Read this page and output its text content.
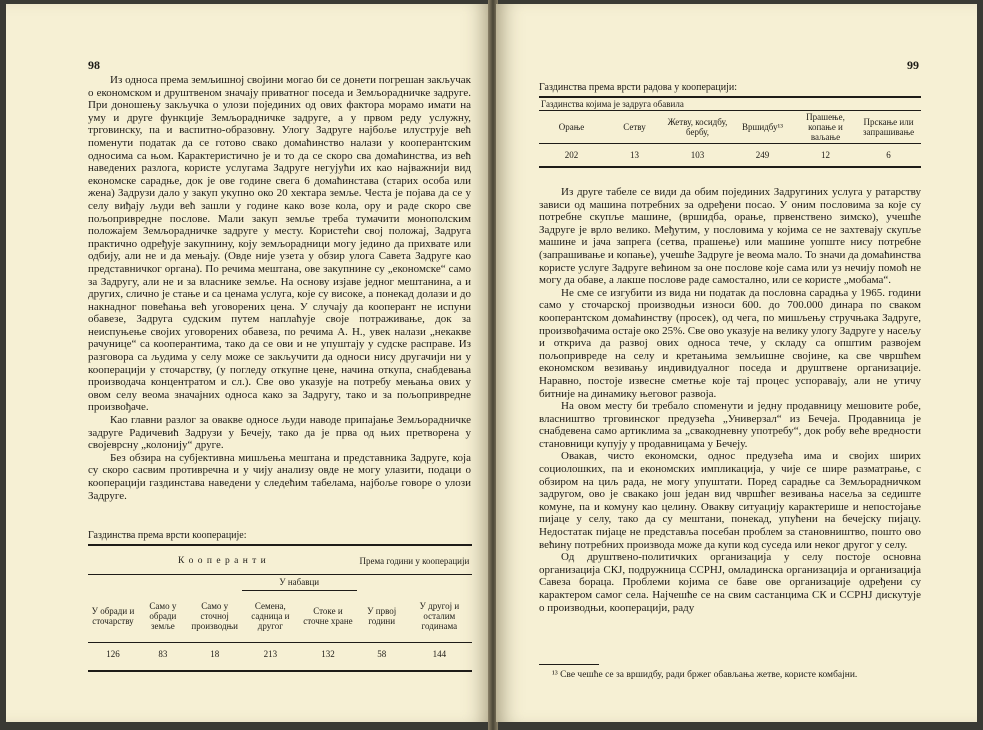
98

Из односа према земљишној својини могао би се донети погрешан закључак о економском и друштвеном значају приватног поседа и Земљорадничке задруге. При доношењу закључка о улози појединих од ових фактора морамо имати на уму и друге функције Земљорадничке задруге, а у првом реду услужну, трговинску, па и васпитно-образовну. Улогу Задруге најбоље илуструје већ поменути податак да се готово свако домаћинство налази у кооперантским односима са њом. Карактеристично је и то да се скоро сва домаћинства, из већ наведених разлога, користе услугама Задруге негујући их као најважнији вид економске сарадње, док је ове године свега 6 домаћинстава (старих особа или жена) Задрузи дало у закуп укупно око 20 хектара земље. Честа је појава да се у селу виђају људи већ зашли у године како возе кола, ору и раде скоро све пољопривредне послове. Мали закуп земље треба тумачити монополским положајем Земљорадничке задруге у месту. Користећи свој положај, Задруга практично одређује закупнину, коју земљорадници могу једино да прихвате или одбију, али не и да мењају. (Овде није узета у обзир улога Савета Задруге као представничког органа). По речима мештана, ове закупнине су „економске“ само за Задругу, али не и за власнике земље. На основу изјаве једног мештанина, а и других, слично је стање и са ценама услуга, које су високе, а понекад долази и до накнадног повећања већ уговорених цена. У случају да кооперант не испуни обавезе, Задруга судским путем наплаћује своје потраживање, док за неиспуњење својих уговорених обавеза, по речима А. Н., увек налази „некакве рачунице“ са кооперантима, тако да се ови и не упуштају у судске расправе. Из разговора са људима у селу може се закључити да односи нису другачији ни у кооперацији у сточарству, (у погледу откупне цене, начина откупа, снабдевања производача концентратом и сл.). Све ово указује на потребу мењања ових у овом селу веома значајних односа како за Задругу, тако и за пољопривредне произвођаче.

Као главни разлог за овакве односе људи наводе припајање Земљорадничке задруге Радичевић Задрузи у Бечеју, тако да је прва од њих претворена у својеврсну „колонију“ друге.

Без обзира на субјективна мишљења мештана и представника Задруге, која су скоро сасвим противречна и у чију анализу овде не могу улазити, подаци о кооперацији газдинстава наведени у следећим табелама, најбоље говоре о улози Задруге.

Газдинства према врсти кооперације:
К о о п е р а н т и					Према години у кооперацији	
			У набавци			
У обради и сточарству	Само у обради земље	Само у сточној производњи	Семена, садница и другог	Стоке и сточне хране	У првој години	У другој и осталим годинама
126	83	18	213	132	58	144
99
Газдинства према врсти радова у кооперацији:
Газдинства којима је задруга обавила					
Орање	Сетву	Жетву, косидбу, бербу,	Вршидбу¹³	Прашење, копање и ваљање	Прскање или запрашивање
202	13	103	249	12	6

Из друге табеле се види да обим појединих Задругиних услуга у ратарству зависи од машина потребних за одређени посао. У оним пословима за које су потребне скупље машине, (вршидба, орање, првенствено зимско), учешће Задруге је врло велико. Међутим, у пословима у којима се не захтевају скупље машине и јача запрега (сетва, прашење) или машине уопште нису потребне (запрашивање и копање), учешће Задруге је веома мало. То значи да домаћинства користе услуге Задруге већином за оне послове које сама или уз нечију помоћ не могу да обаве, а лакше послове раде самостално, или се користе „мобама“.

Не сме се изгубити из вида ни податак да пословна сарадња у 1965. години само у сточарској производњи износи 600. до 700.000 динара по сваком кооперантском домаћинству (просек), од чега, по мишљењу стручњака Задруге, произвођачима остаје око 25%. Све ово указује на велику улогу Задруге у насељу и откриva да развој ових односа тече, у складу са општим развојем пољопривреде на селу и кретањима земљишне својине, ка све чвршћем економском везивању индивидуалног поседа и друштвене организације. Наравно, постоје извесне сметње које тај процес успоравају, али не утичу битније на динамику његовог развоја.

На овом месту би требало споменути и једну продавницу мешовите робе, власништво трговинског предузећа „Универзал“ из Бечеја. Продавница је снабдевена само артиклима за „свакодневну употребу“, док робу веће вредности становници купују у продавницама у Бечеју.

Овакав, чисто економски, однос предузећа има и својих ширих социолошких, па и економских импликација, у чије се шире разматрање, с обзиром на циљ рада, не могу упуштати. Поред сарадње са Земљорадничком задругом, ово је свакако још један вид чвршћег везивања насеља за седиште комуне, па и комуну као целину. Овакву ситуацију карактерише и непостојање пијаце у селу, тако да су мештани, понекад, упућени на бечејску пијацу. Недостатак пијаце не представља посебан проблем за становништво, пошто ово већину потребних производа може да купи код суседа или неког другог у селу.

Од друштвено-политичких организација у селу постоје основна организација СКЈ, подружница ССРНЈ, омладинска организација и организација Савеза бораца. Проблеми којима се баве ове организације одређени су карактером самог села. Најчешће се на свим састанцима СК и ССРНЈ дискутује о производњи, кооперацији, раду

¹³ Све чешће се за вршидбу, ради бржег обављања жетве, користе комбајни.
